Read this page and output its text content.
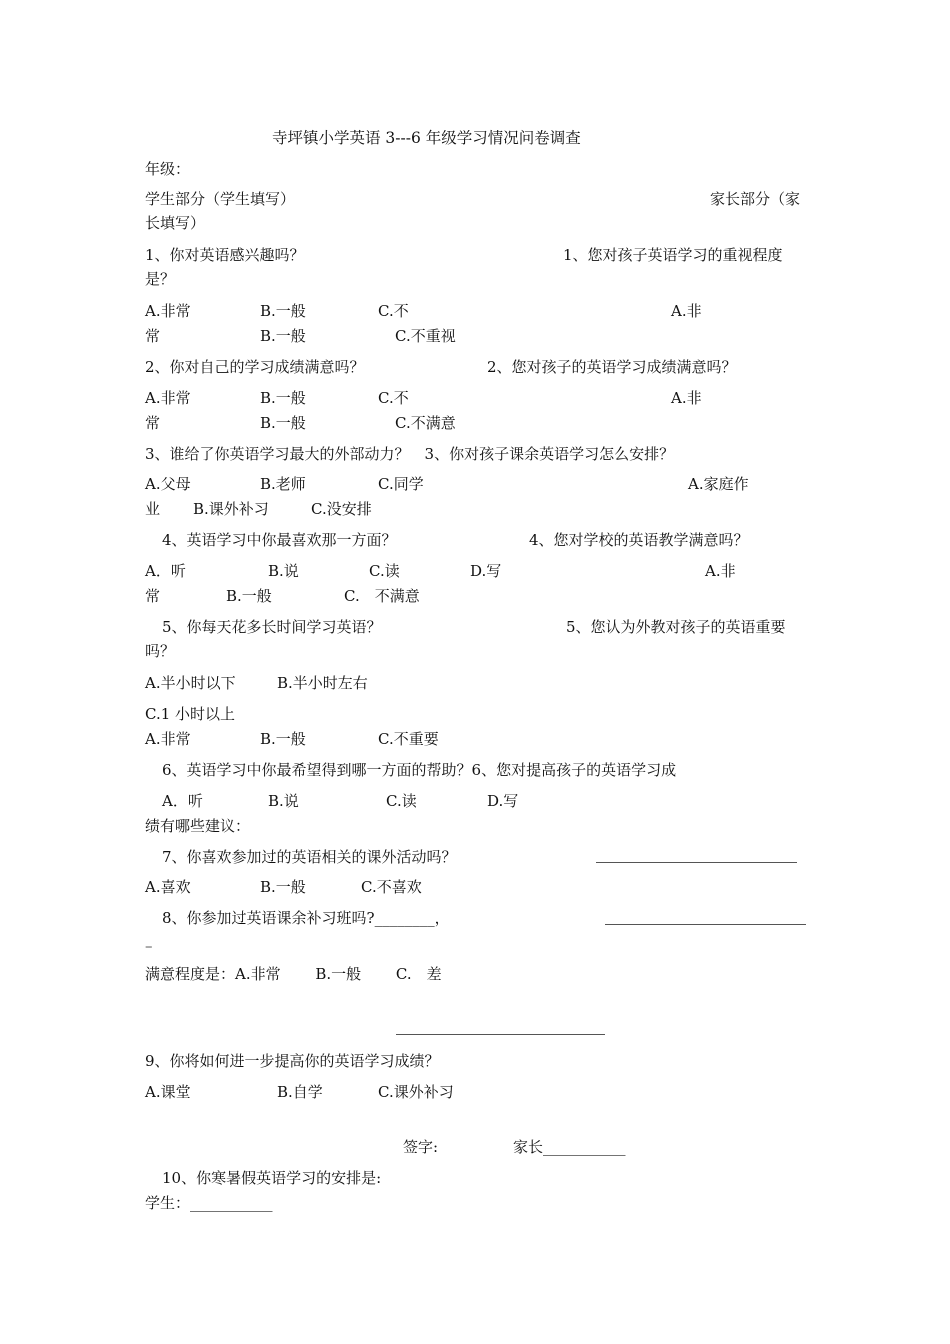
寺坪镇小学英语 3---6 年级学习情况问卷调查
年级：
学生部分（学生填写）	家长部分（家
长填写）
1、你对英语感兴趣吗？	1、您对孩子英语学习的重视程度
是？
A.非常	B.一般	C.不	A.非
常	B.一般	C.不重视
2、你对自己的学习成绩满意吗？	2、您对孩子的英语学习成绩满意吗？
A.非常	B.一般	C.不	A.非
常	B.一般	C.不满意
3、谁给了你英语学习最大的外部动力？　3、你对孩子课余英语学习怎么安排？
A.父母	B.老师	C.同学	A.家庭作
业 B.课外补习	C.没安排
4、英语学习中你最喜欢那一方面？	4、您对学校的英语教学满意吗？
A．听	B.说	C.读	D.写	A.非
常	B.一般	C.　不满意
5、你每天花多长时间学习英语？	5、您认为外教对孩子的英语重要
吗？
A.半小时以下	B.半小时左右
C.1 小时以上
A.非常	B.一般	C.不重要
6、英语学习中你最希望得到哪一方面的帮助？6、您对提高孩子的英语学习成
A．听	B.说	C.读	D.写
绩有哪些建议：
7、你喜欢参加过的英语相关的课外活动吗？
A.喜欢	B.一般	C.不喜欢
8、你参加过英语课余补习班吗?________，
–
满意程度是：A.非常　　 B.一般　　 C.　差
9、你将如何进一步提高你的英语学习成绩？
A.课堂	B.自学	C.课外补习
签字:	家长___________
10、你寒暑假英语学习的安排是:
学生：___________
